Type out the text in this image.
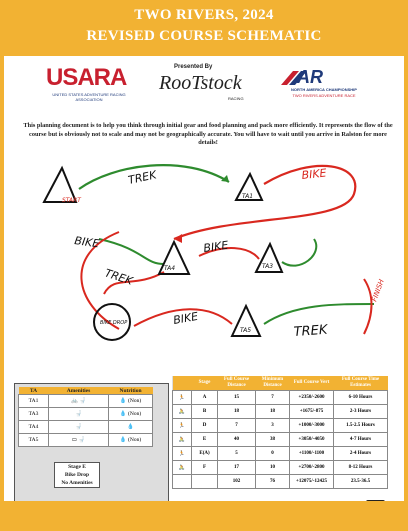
TWO RIVERS, 2024
REVISED COURSE SCHEMATIC
USARA
UNITED STATES ADVENTURE RACING ASSOCIATION
Presented By
RooTstock
RACING
AR
NORTH AMERICA CHAMPIONSHIP
TWO RIVERS ADVENTURE RACE
This planning document is to help you think through initial gear and food planning and pack more efficiently. It represents the flow of the course but is obviously not to scale and may not be geographically accurate. You will have to wait until you arrive in Ralston for more details!
START
TREK
TA1
BIKE
BIKE
TREK	TA4
BIKE
TA3
BIKE DROP	BIKE
TA5	TREK
FINISH
TA	Amenities	Nutrition
TA1	🚲 🚽	💧 (Non)
TA3	🚽	💧 (Non)
TA4	🚽	💧
TA5	▭ 🚽	💧 (Non)
Stage E
Bike Drop
No Amenities
	Stage	Full Course Distance	Minimum Distance	Full Course Vert	Full Course Time Estimates
🏃	A	15	7	+2350/-2600	6-10 Hours
🚴	B	18	18	+1675/-875	2-3 Hours
🏃	D	7	3	+1000/-3000	1.5-2.5 Hours
🚴	E	40	38	+3050/-4050	4-7 Hours
🏃	E(A)	5	0	+1100/-1100	2-4 Hours
🚴	F	17	10	+2700/-2800	8-12 Hours
		102	76	+12075/-12425	23.5-36.5
